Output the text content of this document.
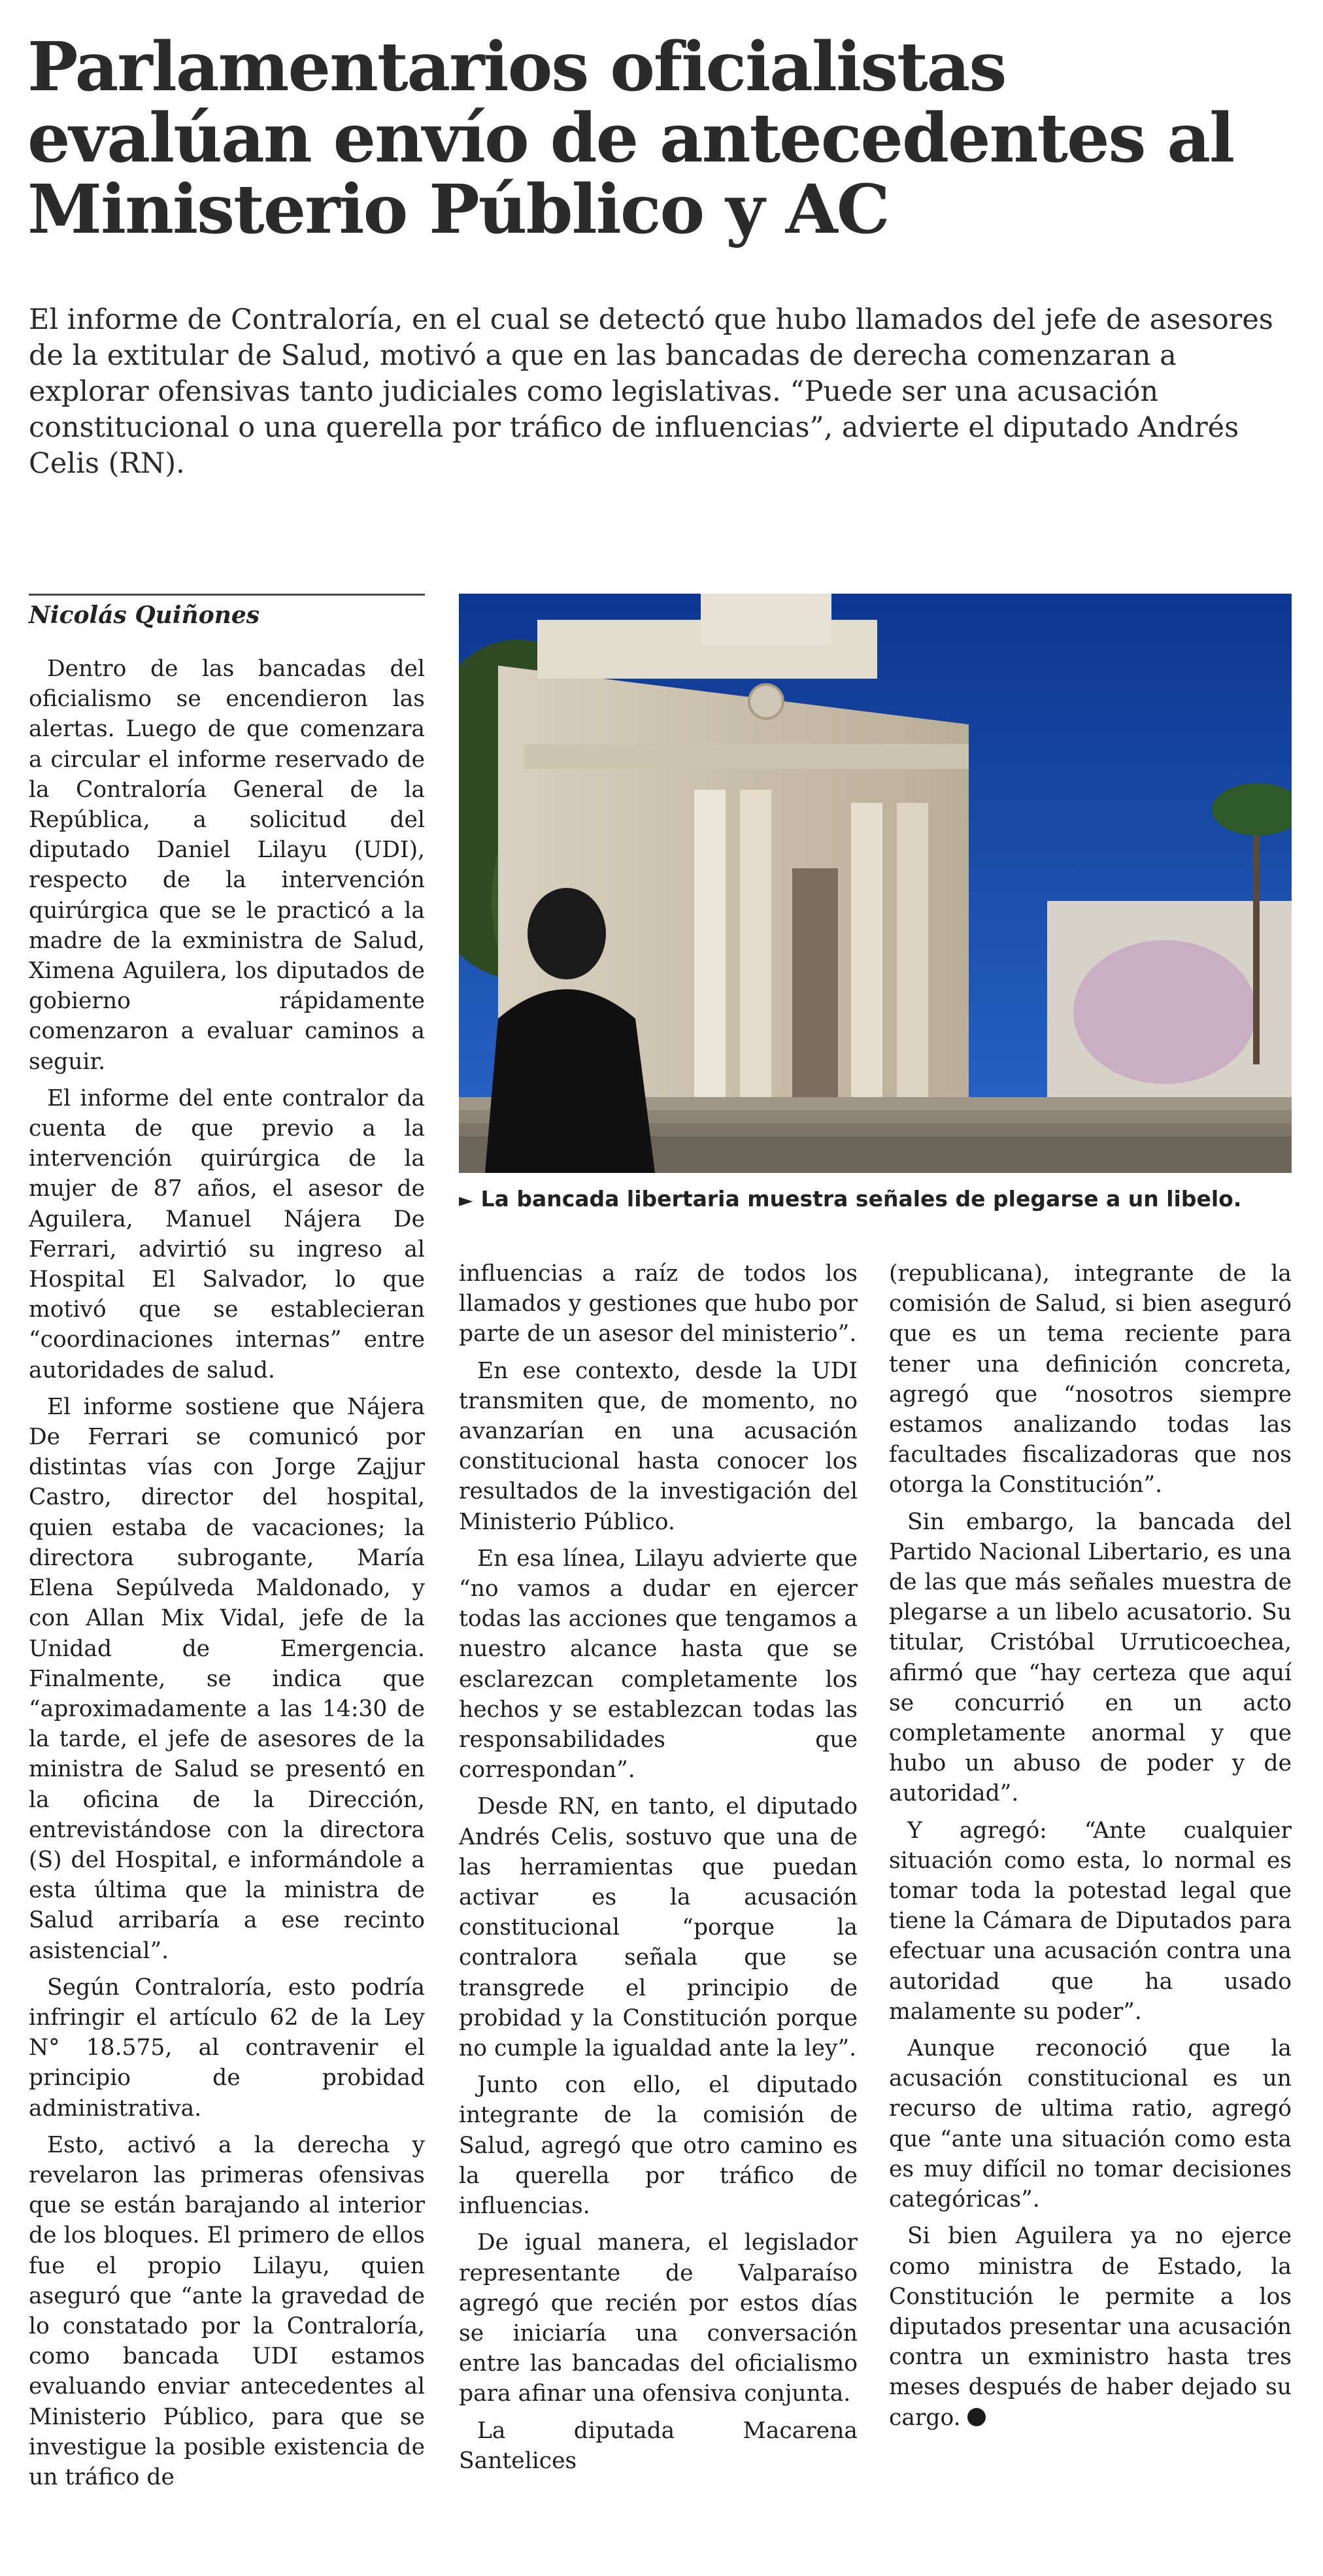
Parlamentarios oficialistas evalúan envío de antecedentes al Ministerio Público y AC

El informe de Contraloría, en el cual se detectó que hubo llamados del jefe de asesores de la extitular de Salud, motivó a que en las bancadas de derecha comenzaran a explorar ofensivas tanto judiciales como legislativas. “Puede ser una acusación constitucional o una querella por tráfico de influencias”, advierte el diputado Andrés Celis (RN).

Nicolás Quiñones

Dentro de las bancadas del oficialismo se encendieron las alertas. Luego de que comenzara a circular el informe reservado de la Contraloría General de la República, a solicitud del diputado Daniel Lilayu (UDI), respecto de la intervención quirúrgica que se le practicó a la madre de la exministra de Salud, Ximena Aguilera, los diputados de gobierno rápidamente comenzaron a evaluar caminos a seguir.

El informe del ente contralor da cuenta de que previo a la intervención quirúrgica de la mujer de 87 años, el asesor de Aguilera, Manuel Nájera De Ferrari, advirtió su ingreso al Hospital El Salvador, lo que motivó que se establecieran “coordinaciones internas” entre autoridades de salud.

El informe sostiene que Nájera De Ferrari se comunicó por distintas vías con Jorge Zajjur Castro, director del hospital, quien estaba de vacaciones; la directora subrogante, María Elena Sepúlveda Maldonado, y con Allan Mix Vidal, jefe de la Unidad de Emergencia. Finalmente, se indica que “aproximadamente a las 14:30 de la tarde, el jefe de asesores de la ministra de Salud se presentó en la oficina de la Dirección, entrevistándose con la directora (S) del Hospital, e informándole a esta última que la ministra de Salud arribaría a ese recinto asistencial”.

Según Contraloría, esto podría infringir el artículo 62 de la Ley N° 18.575, al contravenir el principio de probidad administrativa.

Esto, activó a la derecha y revelaron las primeras ofensivas que se están barajando al interior de los bloques. El primero de ellos fue el propio Lilayu, quien aseguró que “ante la gravedad de lo constatado por la Contraloría, como bancada UDI estamos evaluando enviar antecedentes al Ministerio Público, para que se investigue la posible existencia de un tráfico de

► La bancada libertaria muestra señales de plegarse a un libelo.

influencias a raíz de todos los llamados y gestiones que hubo por parte de un asesor del ministerio”.

En ese contexto, desde la UDI transmiten que, de momento, no avanzarían en una acusación constitucional hasta conocer los resultados de la investigación del Ministerio Público.

En esa línea, Lilayu advierte que “no vamos a dudar en ejercer todas las acciones que tengamos a nuestro alcance hasta que se esclarezcan completamente los hechos y se establezcan todas las responsabilidades que correspondan”.

Desde RN, en tanto, el diputado Andrés Celis, sostuvo que una de las herramientas que puedan activar es la acusación constitucional “porque la contralora señala que se transgrede el principio de probidad y la Constitución porque no cumple la igualdad ante la ley”.

Junto con ello, el diputado integrante de la comisión de Salud, agregó que otro camino es la querella por tráfico de influencias.

De igual manera, el legislador representante de Valparaíso agregó que recién por estos días se iniciaría una conversación entre las bancadas del oficialismo para afinar una ofensiva conjunta.

La diputada Macarena Santelices

(republicana), integrante de la comisión de Salud, si bien aseguró que es un tema reciente para tener una definición concreta, agregó que “nosotros siempre estamos analizando todas las facultades fiscalizadoras que nos otorga la Constitución”.

Sin embargo, la bancada del Partido Nacional Libertario, es una de las que más señales muestra de plegarse a un libelo acusatorio. Su titular, Cristóbal Urruticoechea, afirmó que “hay certeza que aquí se concurrió en un acto completamente anormal y que hubo un abuso de poder y de autoridad”.

Y agregó: “Ante cualquier situación como esta, lo normal es tomar toda la potestad legal que tiene la Cámara de Diputados para efectuar una acusación contra una autoridad que ha usado malamente su poder”.

Aunque reconoció que la acusación constitucional es un recurso de ultima ratio, agregó que “ante una situación como esta es muy difícil no tomar decisiones categóricas”.

Si bien Aguilera ya no ejerce como ministra de Estado, la Constitución le permite a los diputados presentar una acusación contra un exministro hasta tres meses después de haber dejado su cargo.
